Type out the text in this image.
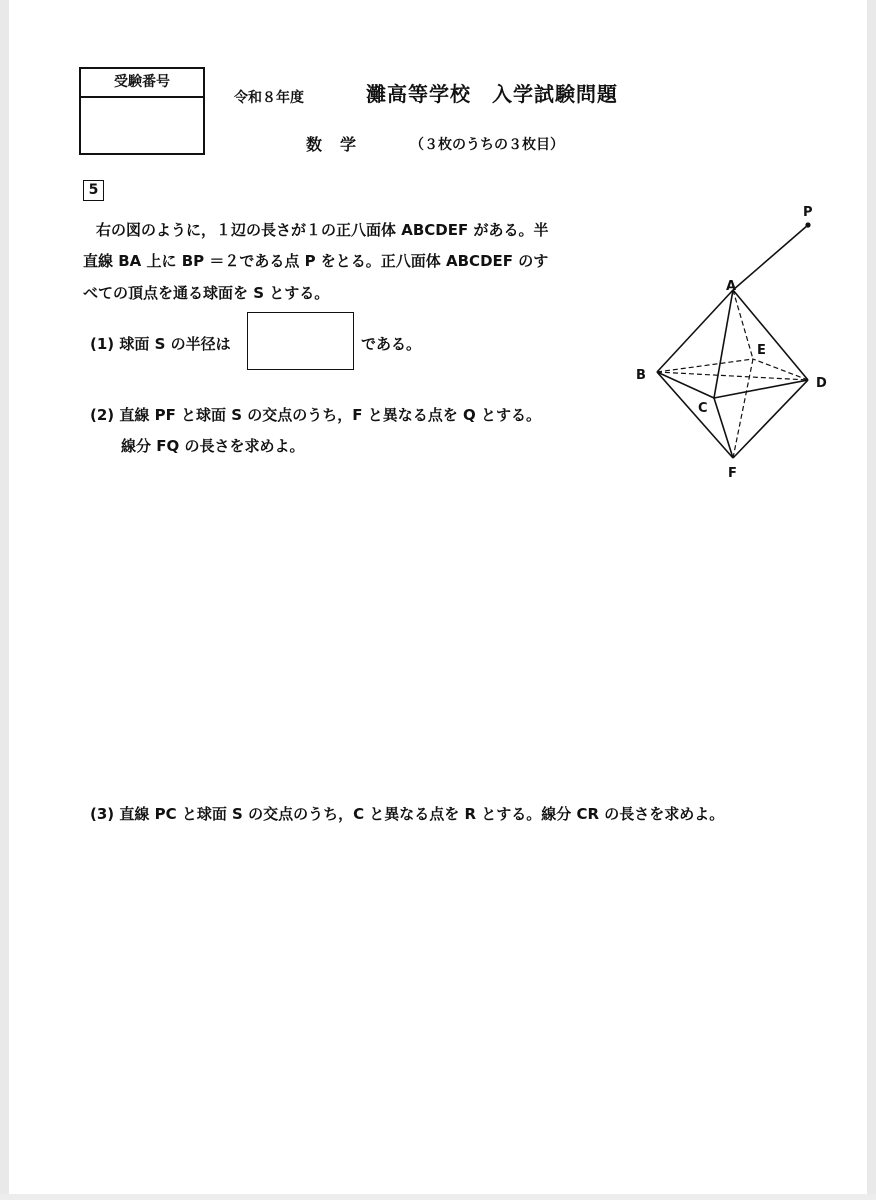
受験番号
令和８年度	灘高等学校　入学試験問題
数　学	（３枚のうちの３枚目）
5
右の図のように，１辺の長さが１の正八面体 ABCDEF がある。半
直線 BA 上に BP ＝２である点 P をとる。正八面体 ABCDEF のす
べての頂点を通る球面を S とする。
(1) 球面 S の半径は	である。
(2) 直線 PF と球面 S の交点のうち，F と異なる点を Q とする。
線分 FQ の長さを求めよ。
(3) 直線 PC と球面 S の交点のうち，C と異なる点を R とする。線分 CR の長さを求めよ。
P
A
E
B
D
C
F
